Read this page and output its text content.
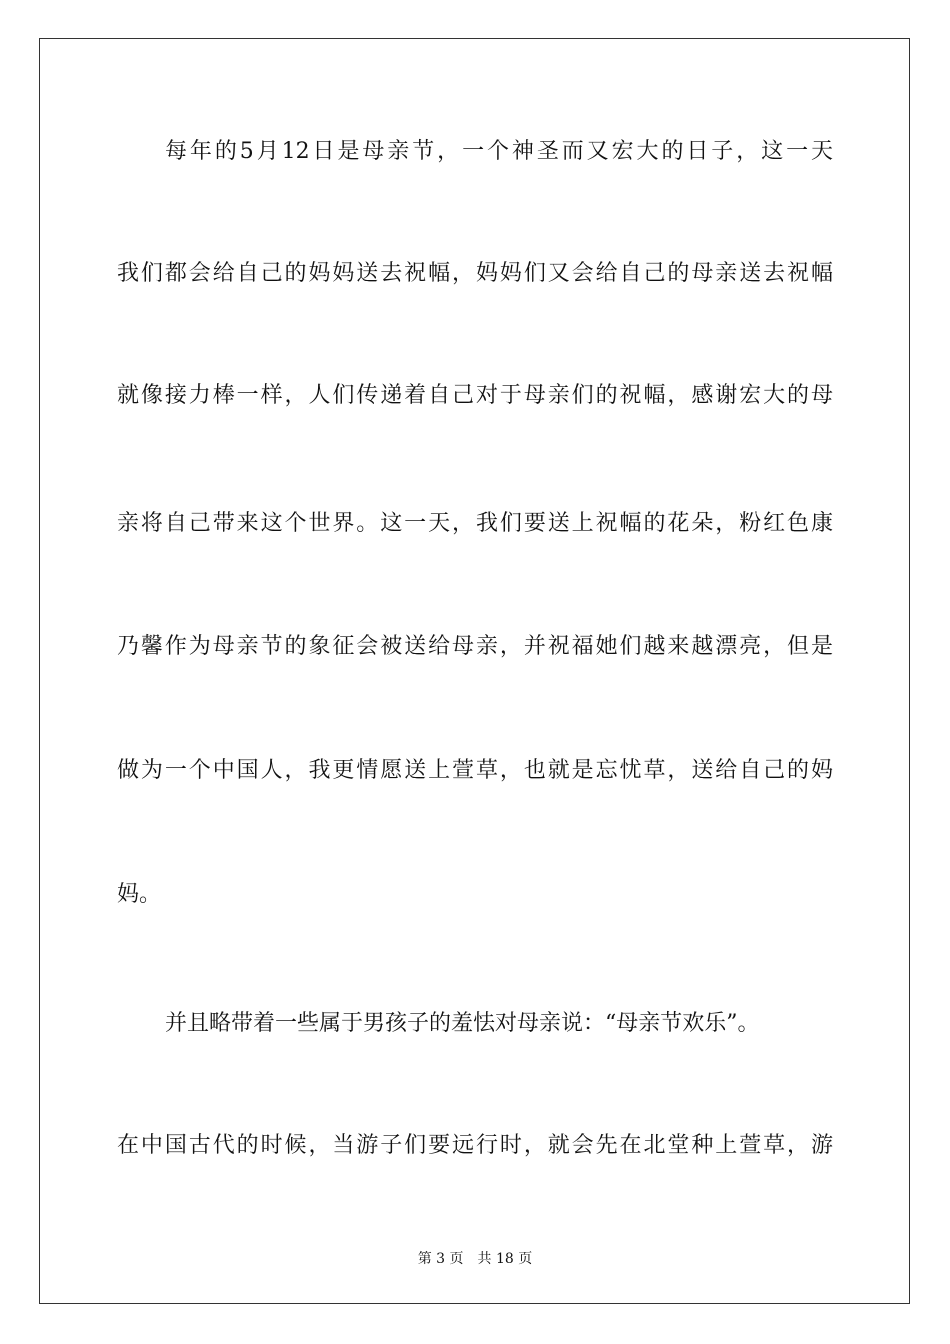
每年的5月12日是母亲节，一个神圣而又宏大的日子，这一天
我们都会给自己的妈妈送去祝幅，妈妈们又会给自己的母亲送去祝幅
就像接力棒一样，人们传递着自己对于母亲们的祝幅，感谢宏大的母
亲将自己带来这个世界。这一天，我们要送上祝幅的花朵，粉红色康
乃馨作为母亲节的象征会被送给母亲，并祝福她们越来越漂亮，但是
做为一个中国人，我更情愿送上萱草，也就是忘忧草，送给自己的妈
妈。
并且略带着一些属于男孩子的羞怯对母亲说：“母亲节欢乐”。
在中国古代的时候，当游子们要远行时，就会先在北堂种上萱草，游
第 3 页　共 18 页
